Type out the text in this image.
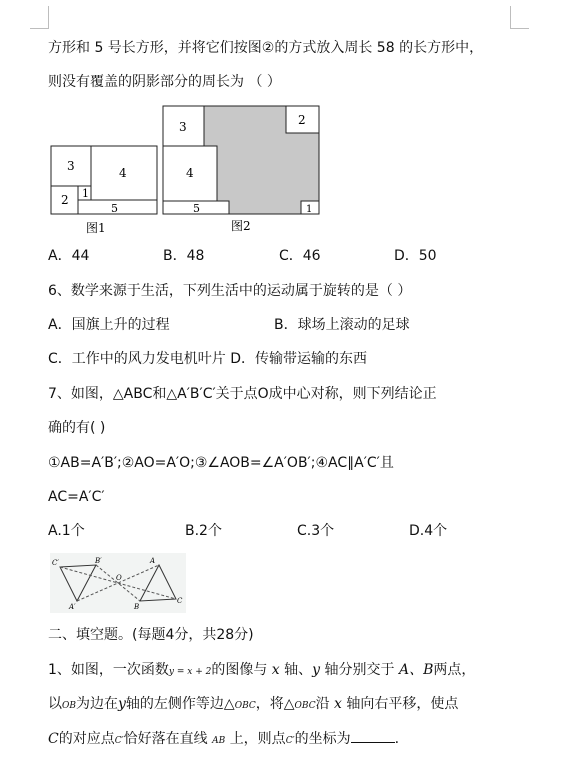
方形和 5 号长方形，并将它们按图②的方式放入周长 58 的长方形中，
则没有覆盖的阴影部分的周长为 （ ）
3	4
2 1
5
图1
3	2
4
5	1
图2
A．44	B．48	C．46	D．50
6、数学来源于生活，下列生活中的运动属于旋转的是（ ）
A．国旗上升的过程	B．球场上滚动的足球
C．工作中的风力发电机叶片 D．传输带运输的东西
7、如图，△ABC和△A′B′C′关于点O成中心对称，则下列结论正
确的有( )
①AB=A′B′;②AO=A′O;③∠AOB=∠A′OB′;④AC∥A′C′且
AC=A′C′
A.1个	B.2个	C.3个	D.4个
C′	B′
O
A
A′	B
C
二、填空题。(每题4分，共28分)
1、如图，一次函数y = x + 2的图像与 x 轴、y 轴分别交于 A、B两点，
以OB为边在y轴的左侧作等边△OBC，将△OBC沿 x 轴向右平移，使点
C的对应点C′恰好落在直线 AB 上，则点C′的坐标为	.
